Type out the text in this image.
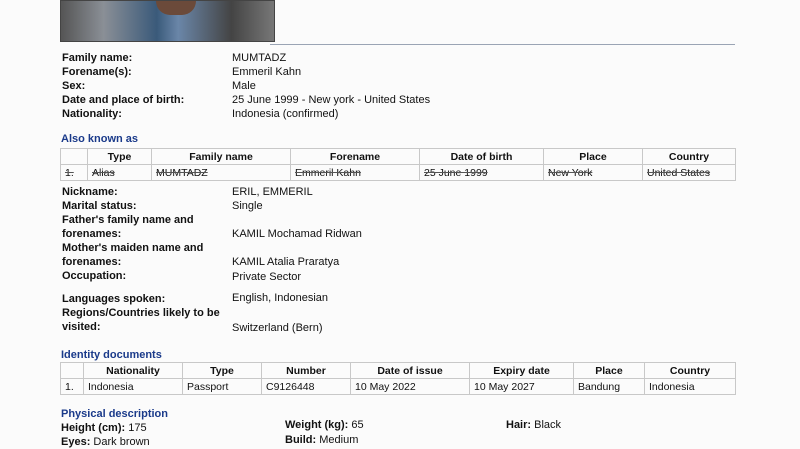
Family name:	MUMTADZ
Forename(s):	Emmeril Kahn
Sex:	Male
Date and place of birth:	25 June 1999 - New york - United States
Nationality:	Indonesia (confirmed)
Also known as
	Type	Family name	Forename	Date of birth	Place	Country
1.	Alias	MUMTADZ	Emmeril Kahn	25 June 1999	New York	United States
Nickname:	ERIL, EMMERIL
Marital status:	Single
Father's family name and
forenames:	KAMIL Mochamad Ridwan
Mother's maiden name and
forenames:	KAMIL Atalia Praratya
Occupation:	Private Sector
Languages spoken:	English, Indonesian
Regions/Countries likely to be
visited:	Switzerland (Bern)
Identity documents
	Nationality	Type	Number	Date of issue	Expiry date	Place	Country
1.	Indonesia	Passport	C9126448	10 May 2022	10 May 2027	Bandung	Indonesia
Physical description
Height (cm): 175	Weight (kg): 65	Hair: Black
Eyes: Dark brown	Build: Medium
